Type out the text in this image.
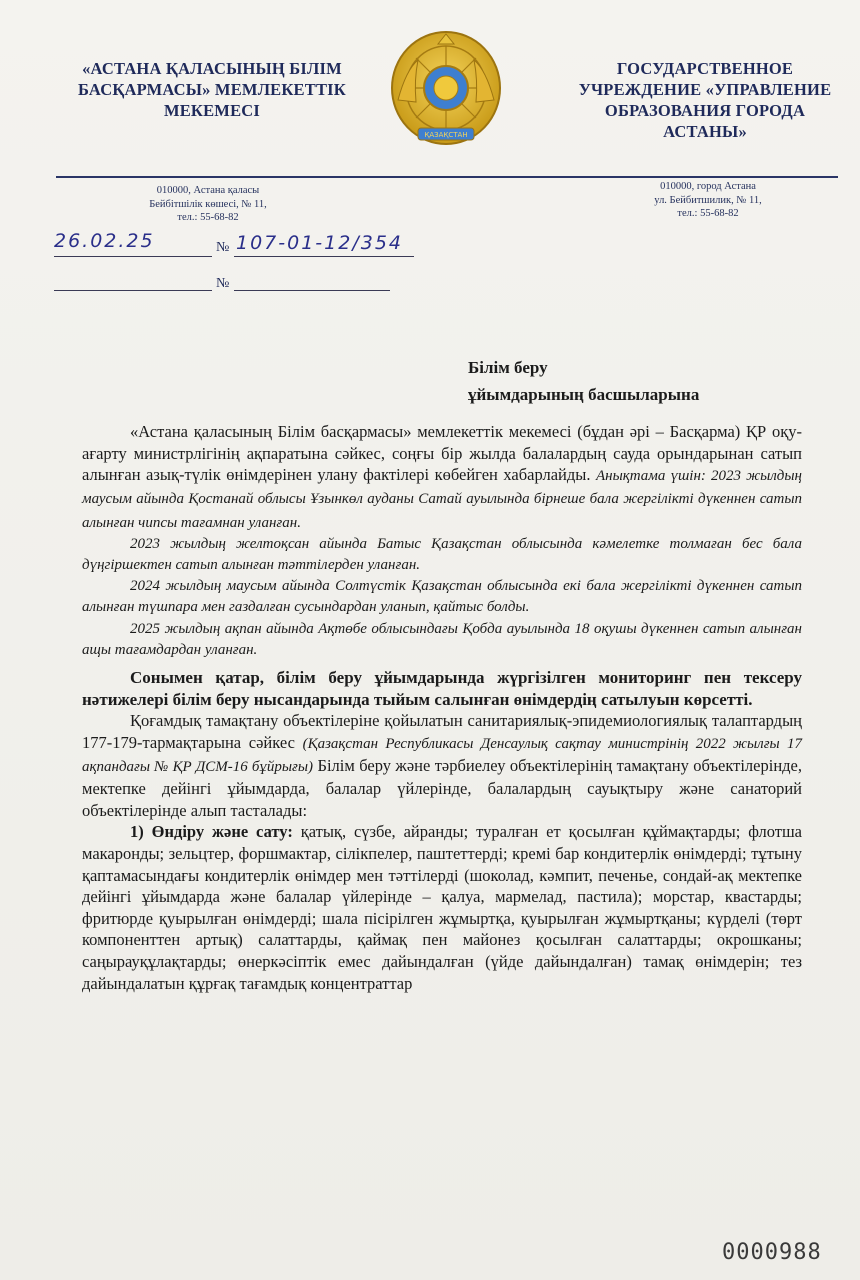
«АСТАНА ҚАЛАСЫНЫҢ БІЛІМ
БАСҚАРМАСЫ» МЕМЛЕКЕТТІК
МЕКЕМЕСІ
ҚАЗАҚСТАН
ГОСУДАРСТВЕННОЕ
УЧРЕЖДЕНИЕ «УПРАВЛЕНИЕ
ОБРАЗОВАНИЯ ГОРОДА
АСТАНЫ»
010000, Астана қаласы
Бейбітшілік көшесі, № 11,
тел.: 55-68-82
010000, город Астана
ул. Бейбитшилик, № 11,
тел.: 55-68-82
26.02.25	№ 107-01-12/354
№
Білім беру
ұйымдарының басшыларына

«Астана қаласының Білім басқармасы» мемлекеттік мекемесі (бұдан әрі – Басқарма) ҚР оқу-ағарту министрлігінің ақпаратына сәйкес, соңғы бір жылда балалардың сауда орындарынан сатып алынған азық-түлік өнімдерінен улану фактілері көбейген хабарлайды. Анықтама үшін: 2023 жылдың маусым айында Қостанай облысы Ұзынкөл ауданы Сатай ауылында бірнеше бала жергілікті дүкеннен сатып алынған чипсы тағамнан уланған.

2023 жылдың желтоқсан айында Батыс Қазақстан облысында кәмелетке толмаған бес бала дүңгіршектен сатып алынған тәттілерден уланған.

2024 жылдың маусым айында Солтүстік Қазақстан облысында екі бала жергілікті дүкеннен сатып алынған түшпара мен газдалған сусындардан уланып, қайтыс болды.

2025 жылдың ақпан айында Ақтөбе облысындағы Қобда ауылында 18 оқушы дүкеннен сатып алынған ащы тағамдардан уланған.

Сонымен қатар, білім беру ұйымдарында жүргізілген мониторинг пен тексеру нәтижелері білім беру нысандарында тыйым салынған өнімдердің сатылуын көрсетті.

Қоғамдық тамақтану объектілеріне қойылатын санитариялық-эпидемиологиялық талаптардың 177-179-тармақтарына сәйкес (Қазақстан Республикасы Денсаулық сақтау министрінің 2022 жылғы 17 ақпандағы № ҚР ДСМ-16 бұйрығы) Білім беру және тәрбиелеу объектілерінің тамақтану объектілерінде, мектепке дейінгі ұйымдарда, балалар үйлерінде, балалардың сауықтыру және санаторий объектілерінде алып тасталады:

1) Өндіру және сату: қатық, сүзбе, айранды; туралған ет қосылған құймақтарды; флотша макаронды; зельцтер, форшмактар, сілікпелер, паштеттерді; кремі бар кондитерлік өнімдерді; тұтыну қаптамасындағы кондитерлік өнімдер мен тәттілерді (шоколад, кәмпит, печенье, сондай-ақ мектепке дейінгі ұйымдарда және балалар үйлерінде – қалуа, мармелад, пастила); морстар, квастарды; фритюрде қуырылған өнімдерді; шала пісірілген жұмыртқа, қуырылған жұмыртқаны; күрделі (төрт компоненттен артық) салаттарды, қаймақ пен майонез қосылған салаттарды; окрошканы; саңырауқұлақтарды; өнеркәсіптік емес дайындалған (үйде дайындалған) тамақ өнімдерін; тез дайындалатын құрғақ тағамдық концентраттар

0000988
